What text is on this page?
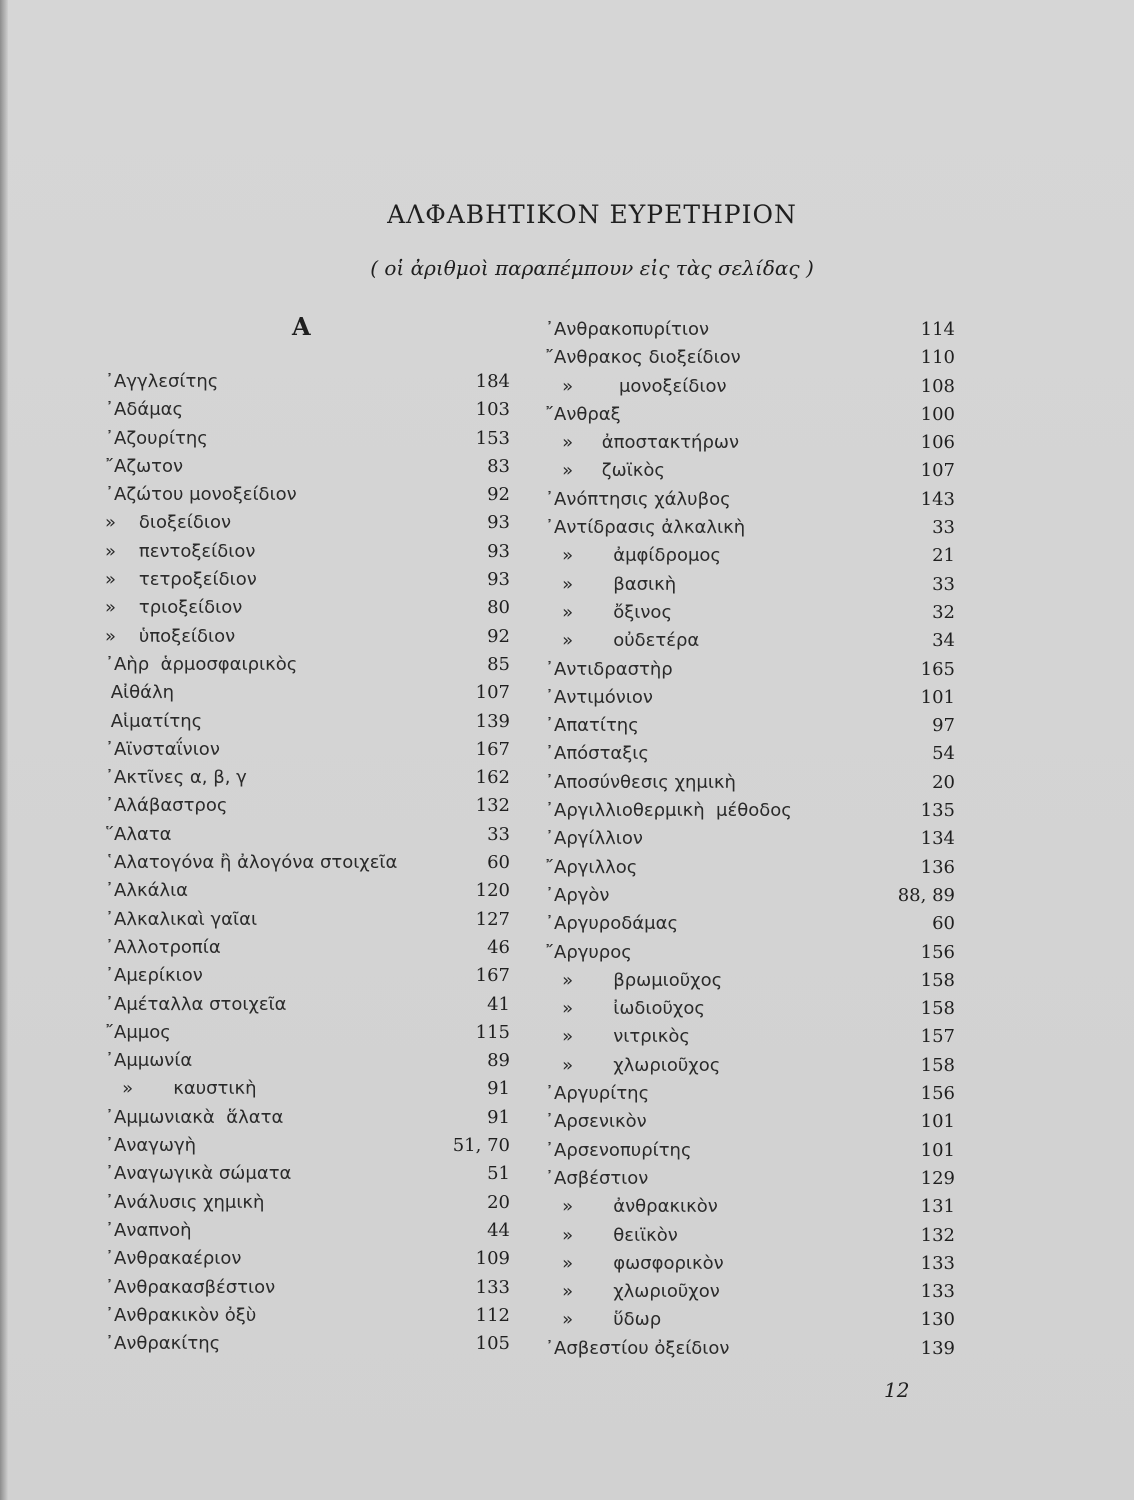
ΑΛΦΑΒΗΤΙΚΟΝ ΕΥΡΕΤΗΡΙΟΝ
( οἱ ἀριθμοὶ παραπέμπουν εἰς τὰς σελίδας )
Α
᾿Αγγλεσίτης	184
᾿Αδάμας	103
᾿Αζουρίτης	153
῎Αζωτον	83
᾿Αζώτου μονοξείδιον	92
»    διοξείδιον	93
»    πεντοξείδιον	93
»    τετροξείδιον	93
»    τριοξείδιον	80
»    ὑποξείδιον	92
᾿Αὴρ  ἁρμοσφαιρικὸς	85
Αἰθάλη	107
Αἱματίτης	139
᾿Αϊνσταΐνιον	167
᾿Ακτῖνες α, β, γ	162
᾿Αλάβαστρος	132
῞Αλατα	33
῾Αλατογόνα ἢ ἀλογόνα στοιχεῖα	60
᾿Αλκάλια	120
᾿Αλκαλικαὶ γαῖαι	127
᾿Αλλοτροπία	46
᾿Αμερίκιον	167
᾿Αμέταλλα στοιχεῖα	41
῎Αμμος	115
᾿Αμμωνία	89
»       καυστικὴ	91
᾿Αμμωνιακὰ  ἅλατα	91
᾿Αναγωγὴ	51, 70
᾿Αναγωγικὰ σώματα	51
᾿Ανάλυσις χημικὴ	20
᾿Αναπνοὴ	44
᾿Ανθρακαέριον	109
᾿Ανθρακασβέστιον	133
᾿Ανθρακικὸν ὀξὺ	112
᾿Ανθρακίτης	105
᾿Ανθρακοπυρίτιον	114
῎Ανθρακος διοξείδιον	110
»        μονοξείδιον	108
῎Ανθραξ	100
»     ἀποστακτήρων	106
»     ζωϊκὸς	107
᾿Ανόπτησις χάλυβος	143
᾿Αντίδρασις ἀλκαλικὴ	33
»       ἀμφίδρομος	21
»       βασικὴ	33
»       ὄξινος	32
»       οὐδετέρα	34
᾿Αντιδραστὴρ	165
᾿Αντιμόνιον	101
᾿Απατίτης	97
᾿Απόσταξις	54
᾿Αποσύνθεσις χημικὴ	20
᾿Αργιλλιοθερμικὴ  μέθοδος	135
᾿Αργίλλιον	134
῎Αργιλλος	136
᾿Αργὸν	88, 89
᾿Αργυροδάμας	60
῎Αργυρος	156
»       βρωμιοῦχος	158
»       ἰωδιοῦχος	158
»       νιτρικὸς	157
»       χλωριοῦχος	158
᾿Αργυρίτης	156
᾿Αρσενικὸν	101
᾿Αρσενοπυρίτης	101
᾿Ασβέστιον	129
»       ἀνθρακικὸν	131
»       θειϊκὸν	132
»       φωσφορικὸν	133
»       χλωριοῦχον	133
»       ὕδωρ	130
᾿Ασβεστίου ὀξείδιον	139
12
